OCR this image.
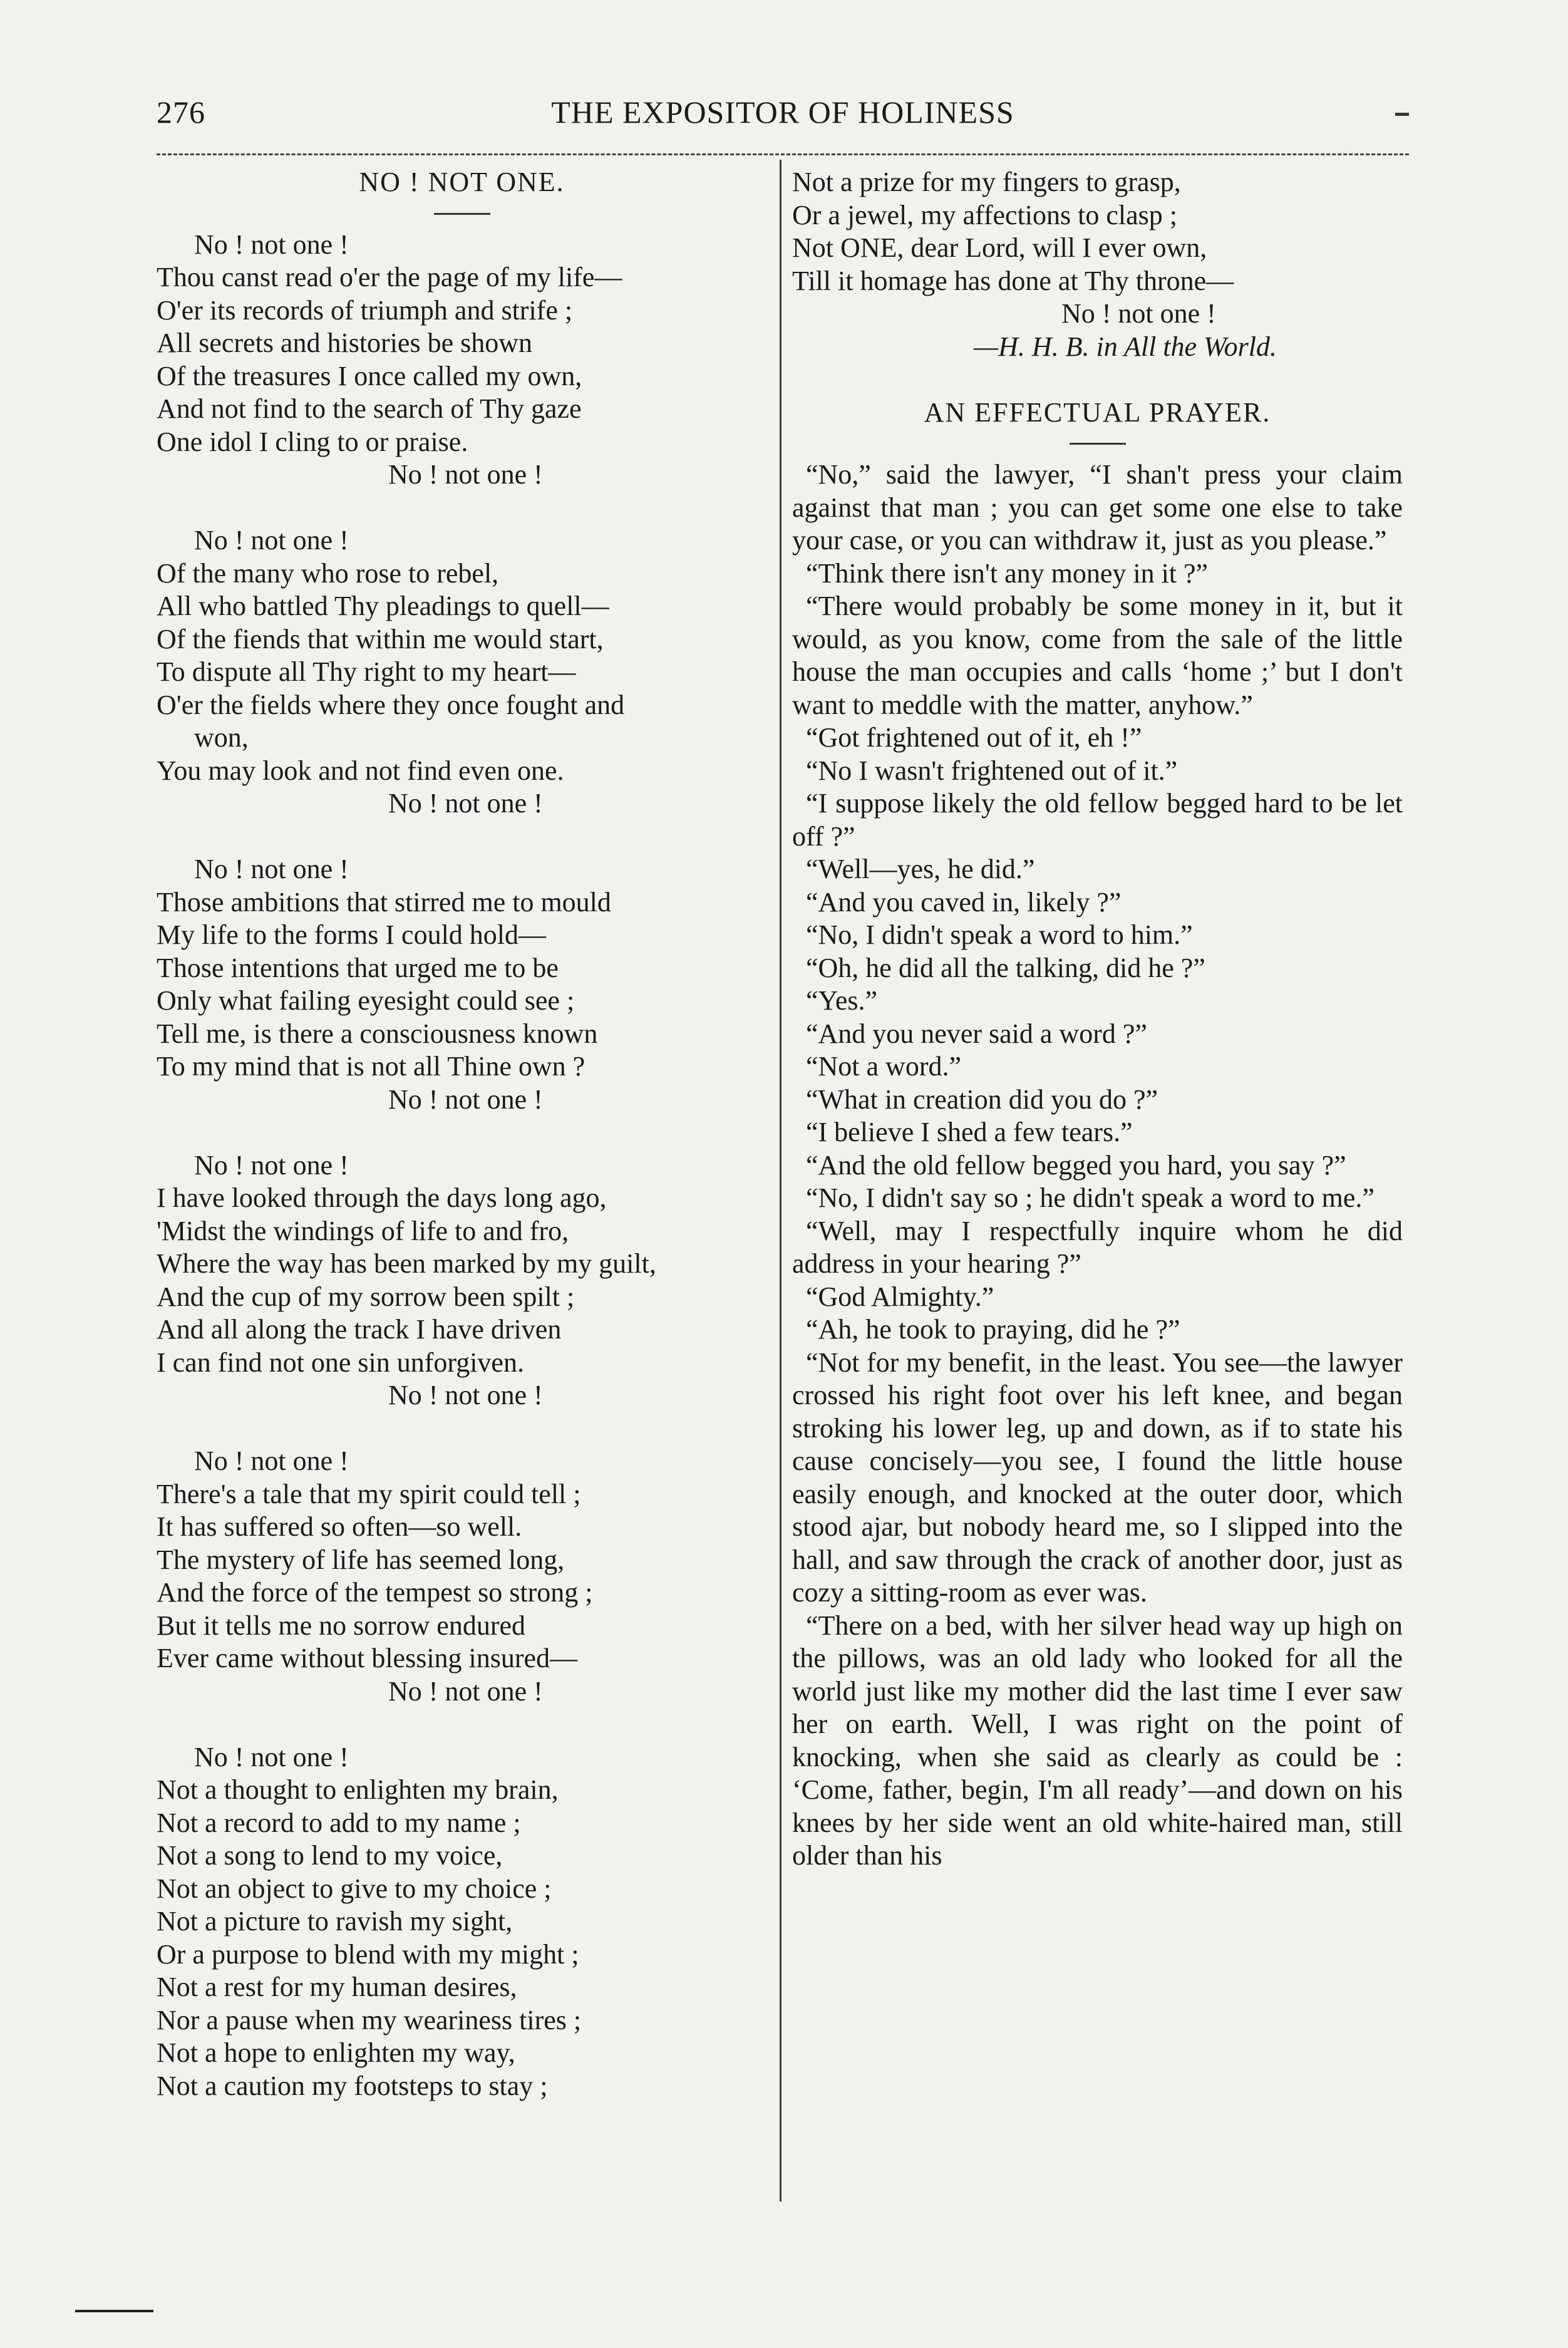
276	THE EXPOSITOR OF HOLINESS
NO ! NOT ONE.
No ! not one !
Thou canst read o'er the page of my life—
O'er its records of triumph and strife ;
All secrets and histories be shown
Of the treasures I once called my own,
And not find to the search of Thy gaze
One idol I cling to or praise.
No ! not one !
No ! not one !
Of the many who rose to rebel,
All who battled Thy pleadings to quell—
Of the fiends that within me would start,
To dispute all Thy right to my heart—
O'er the fields where they once fought and
won,
You may look and not find even one.
No ! not one !
No ! not one !
Those ambitions that stirred me to mould
My life to the forms I could hold—
Those intentions that urged me to be
Only what failing eyesight could see ;
Tell me, is there a consciousness known
To my mind that is not all Thine own ?
No ! not one !
No ! not one !
I have looked through the days long ago,
'Midst the windings of life to and fro,
Where the way has been marked by my guilt,
And the cup of my sorrow been spilt ;
And all along the track I have driven
I can find not one sin unforgiven.
No ! not one !
No ! not one !
There's a tale that my spirit could tell ;
It has suffered so often—so well.
The mystery of life has seemed long,
And the force of the tempest so strong ;
But it tells me no sorrow endured
Ever came without blessing insured—
No ! not one !
No ! not one !
Not a thought to enlighten my brain,
Not a record to add to my name ;
Not a song to lend to my voice,
Not an object to give to my choice ;
Not a picture to ravish my sight,
Or a purpose to blend with my might ;
Not a rest for my human desires,
Nor a pause when my weariness tires ;
Not a hope to enlighten my way,
Not a caution my footsteps to stay ;
Not a prize for my fingers to grasp,
Or a jewel, my affections to clasp ;
Not ONE, dear Lord, will I ever own,
Till it homage has done at Thy throne—
No ! not one !
—H. H. B. in All the World.
AN EFFECTUAL PRAYER.

“No,” said the lawyer, “I shan't press your claim against that man ; you can get some one else to take your case, or you can withdraw it, just as you please.”

“Think there isn't any money in it ?”

“There would probably be some money in it, but it would, as you know, come from the sale of the little house the man occupies and calls ‘home ;’ but I don't want to meddle with the matter, anyhow.”

“Got frightened out of it, eh !”

“No I wasn't frightened out of it.”

“I suppose likely the old fellow begged hard to be let off ?”

“Well—yes, he did.”

“And you caved in, likely ?”

“No, I didn't speak a word to him.”

“Oh, he did all the talking, did he ?”

“Yes.”

“And you never said a word ?”

“Not a word.”

“What in creation did you do ?”

“I believe I shed a few tears.”

“And the old fellow begged you hard, you say ?”

“No, I didn't say so ; he didn't speak a word to me.”

“Well, may I respectfully inquire whom he did address in your hearing ?”

“God Almighty.”

“Ah, he took to praying, did he ?”

“Not for my benefit, in the least. You see—the lawyer crossed his right foot over his left knee, and began stroking his lower leg, up and down, as if to state his cause concisely—you see, I found the little house easily enough, and knocked at the outer door, which stood ajar, but nobody heard me, so I slipped into the hall, and saw through the crack of another door, just as cozy a sitting-room as ever was.

“There on a bed, with her silver head way up high on the pillows, was an old lady who looked for all the world just like my mother did the last time I ever saw her on earth. Well, I was right on the point of knocking, when she said as clearly as could be : ‘Come, father, begin, I'm all ready’—and down on his knees by her side went an old white-haired man, still older than his
